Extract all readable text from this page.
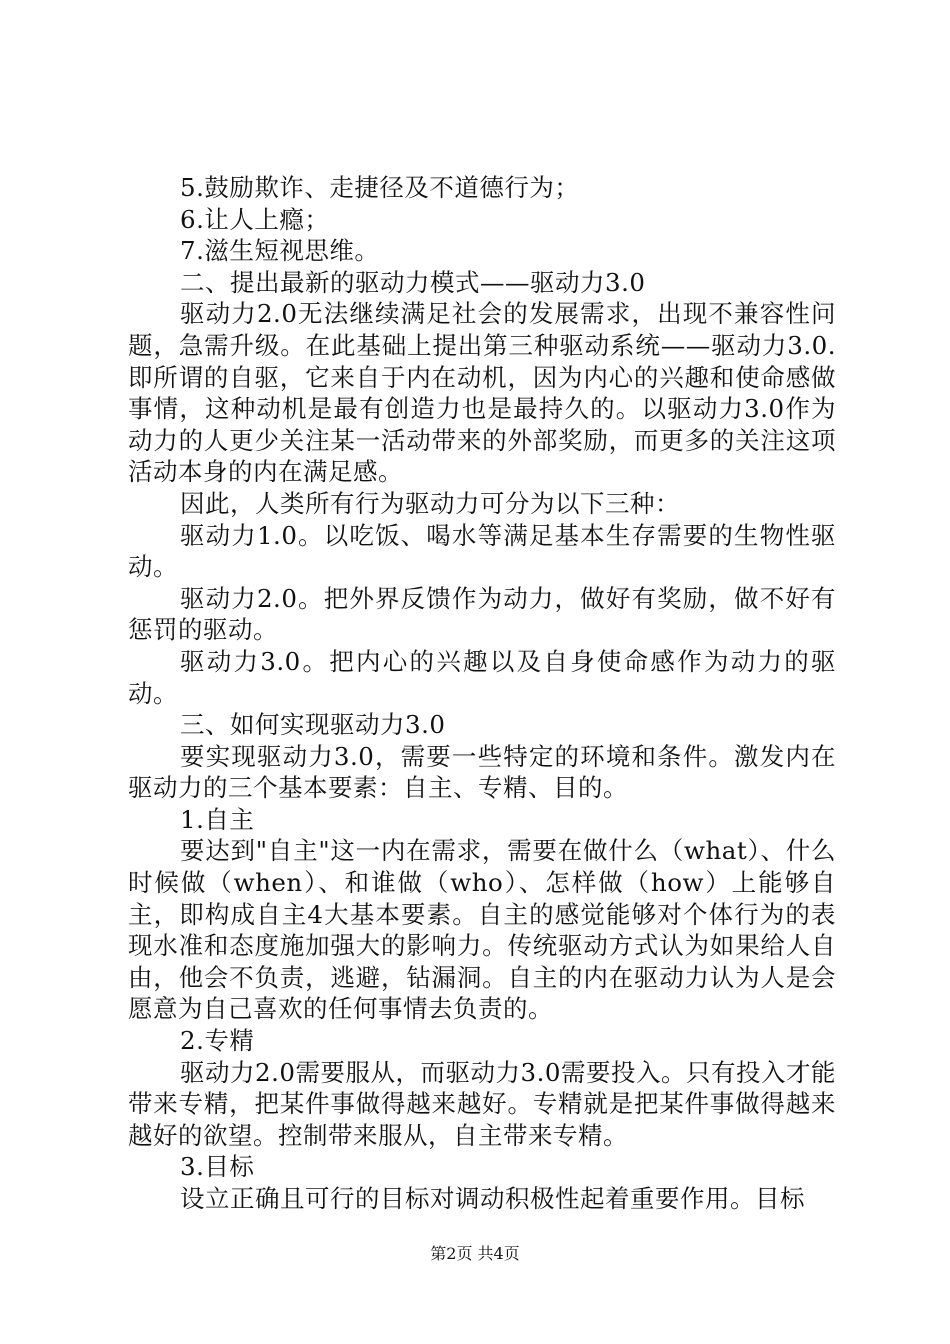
5.鼓励欺诈、走捷径及不道德行为；

6.让人上瘾；

7.滋生短视思维。

二、提出最新的驱动力模式——驱动力3.0

驱动力2.0无法继续满足社会的发展需求，出现不兼容性问题，急需升级。在此基础上提出第三种驱动系统——驱动力3.0.即所谓的自驱，它来自于内在动机，因为内心的兴趣和使命感做事情，这种动机是最有创造力也是最持久的。以驱动力3.0作为动力的人更少关注某一活动带来的外部奖励，而更多的关注这项活动本身的内在满足感。

因此，人类所有行为驱动力可分为以下三种：

驱动力1.0。以吃饭、喝水等满足基本生存需要的生物性驱动。

驱动力2.0。把外界反馈作为动力，做好有奖励，做不好有惩罚的驱动。

驱动力3.0。把内心的兴趣以及自身使命感作为动力的驱动。

三、如何实现驱动力3.0

要实现驱动力3.0，需要一些特定的环境和条件。激发内在驱动力的三个基本要素：自主、专精、目的。

1.自主

要达到"自主"这一内在需求，需要在做什么（what）、什么时候做（when）、和谁做（who）、怎样做（how）上能够自主，即构成自主4大基本要素。自主的感觉能够对个体行为的表现水准和态度施加强大的影响力。传统驱动方式认为如果给人自由，他会不负责，逃避，钻漏洞。自主的内在驱动力认为人是会愿意为自己喜欢的任何事情去负责的。

2.专精

驱动力2.0需要服从，而驱动力3.0需要投入。只有投入才能带来专精，把某件事做得越来越好。专精就是把某件事做得越来越好的欲望。控制带来服从，自主带来专精。

3.目标

设立正确且可行的目标对调动积极性起着重要作用。目标

第2页 共4页
